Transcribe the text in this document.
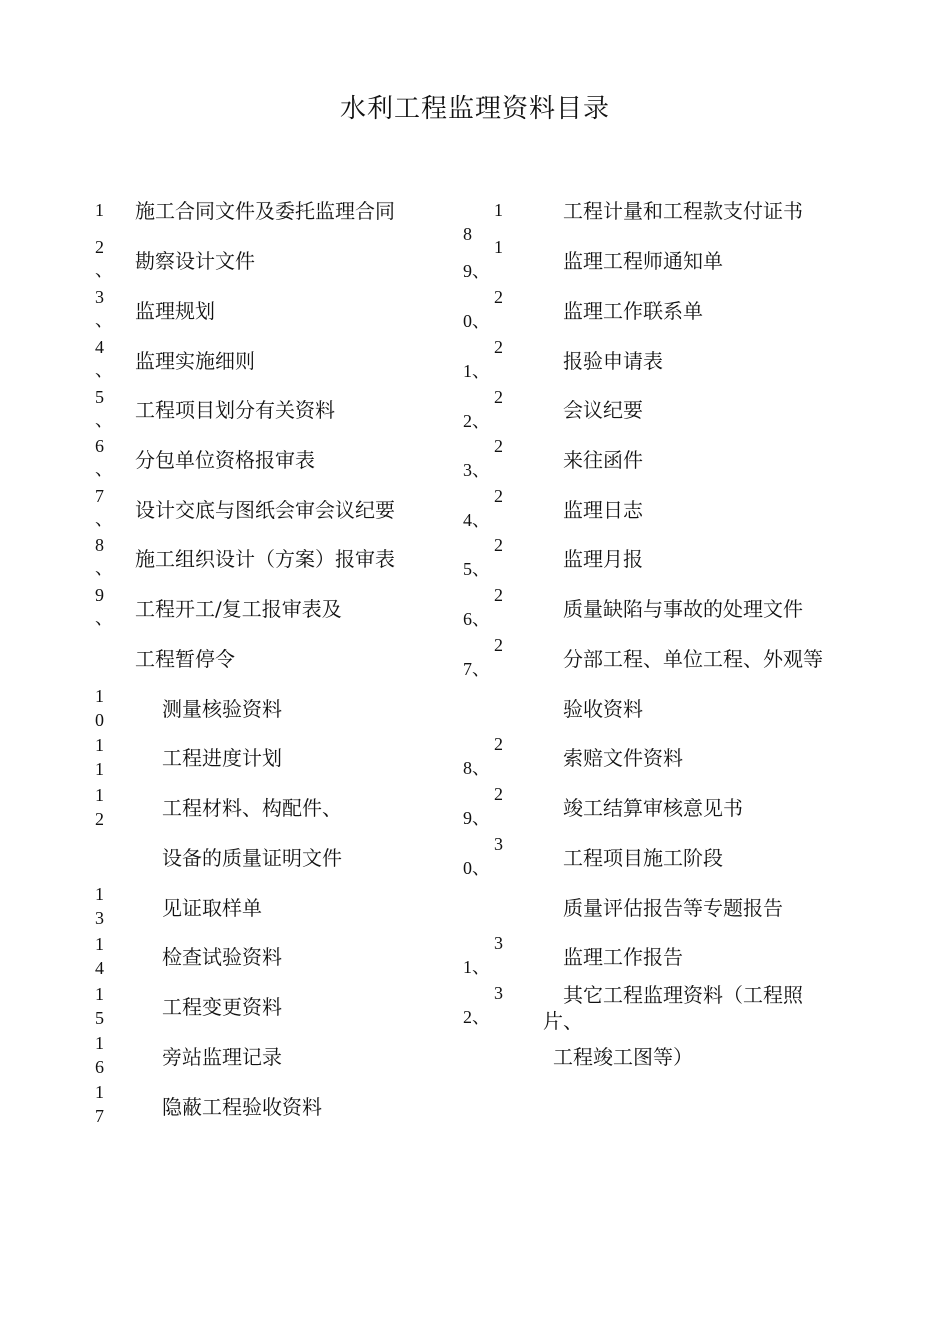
水利工程监理资料目录
施工合同文件及委托监理合同
勘察设计文件
监理规划
监理实施细则
工程项目划分有关资料
分包单位资格报审表
设计交底与图纸会审会议纪要
施工组织设计（方案）报审表
工程开工/复工报审表及
工程暂停令
测量核验资料
工程进度计划
工程材料、构配件、
设备的质量证明文件
见证取样单
检查试验资料
工程变更资料
旁站监理记录
隐蔽工程验收资料
1
2
、
3
、
4
、
5
、
6
、
7
、
8
、
9
、
1
0
1
1
1
2
1
3
1
4
1
5
1
6
1
7
工程计量和工程款支付证书
监理工程师通知单
监理工作联系单
报验申请表
会议纪要
来往函件
监理日志
监理月报
质量缺陷与事故的处理文件
分部工程、单位工程、外观等
验收资料
索赔文件资料
竣工结算审核意见书
工程项目施工阶段
质量评估报告等专题报告
监理工作报告
其它工程监理资料（工程照
片、
工程竣工图等）
1
8
1
9、
2
0、
2
1、
2
2、
2
3、
2
4、
2
5、
2
6、
2
7、
2
8、
2
9、
3
0、
3
1、
3
2、
